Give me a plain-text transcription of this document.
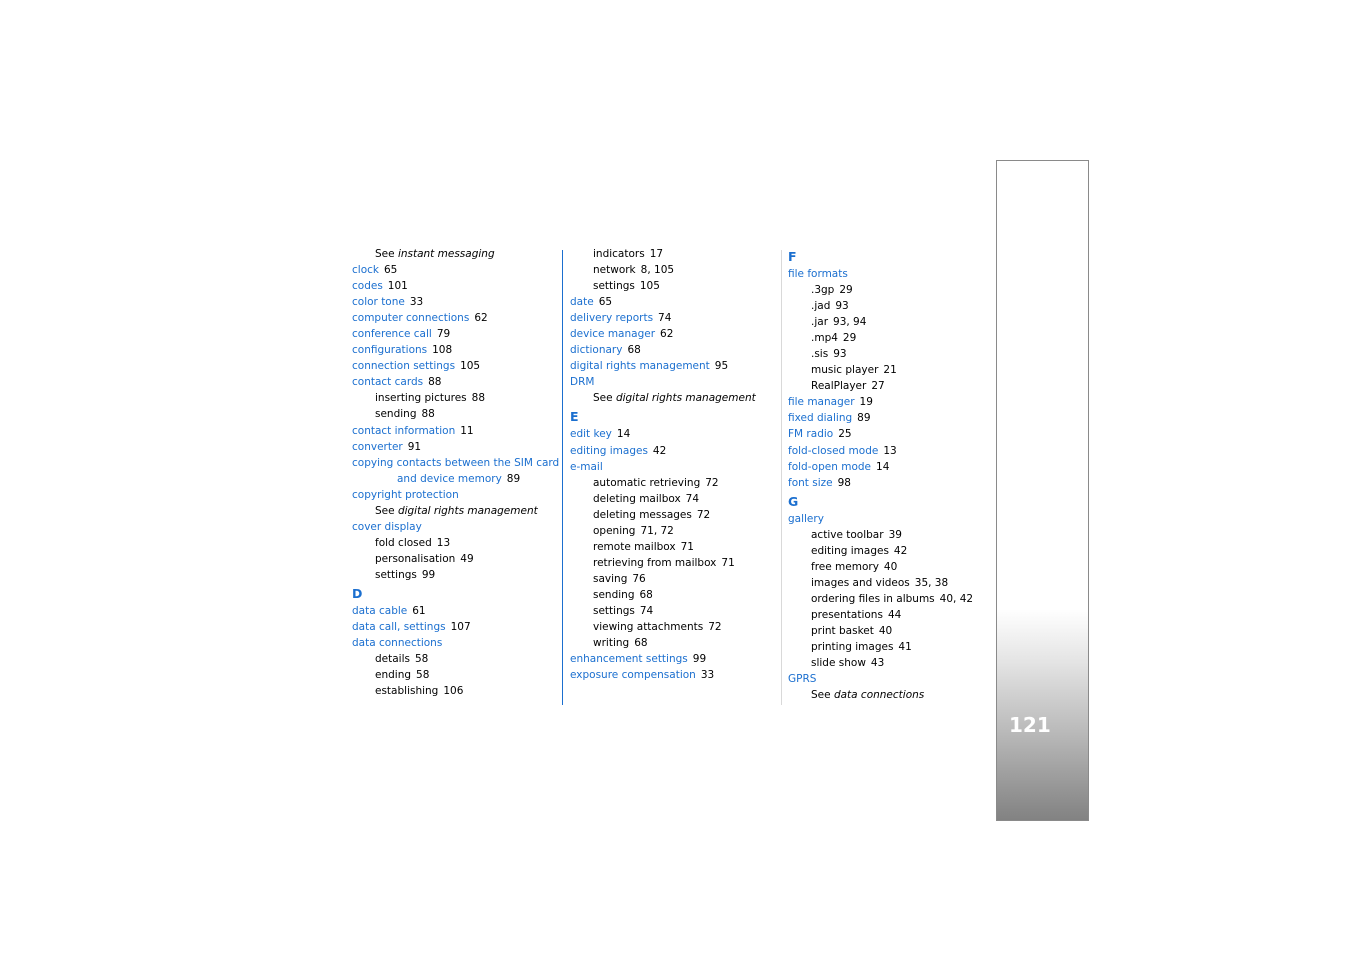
See instant messaging
clock 65
codes 101
color tone 33
computer connections 62
conference call 79
configurations 108
connection settings 105
contact cards 88
inserting pictures 88
sending 88
contact information 11
converter 91
copying contacts between the SIM card
and device memory 89
copyright protection
See digital rights management
cover display
fold closed 13
personalisation 49
settings 99
D
data cable 61
data call, settings 107
data connections
details 58
ending 58
establishing 106
indicators 17
network 8, 105
settings 105
date 65
delivery reports 74
device manager 62
dictionary 68
digital rights management 95
DRM
See digital rights management
E
edit key 14
editing images 42
e-mail
automatic retrieving 72
deleting mailbox 74
deleting messages 72
opening 71, 72
remote mailbox 71
retrieving from mailbox 71
saving 76
sending 68
settings 74
viewing attachments 72
writing 68
enhancement settings 99
exposure compensation 33
F
file formats
.3gp 29
.jad 93
.jar 93, 94
.mp4 29
.sis 93
music player 21
RealPlayer 27
file manager 19
fixed dialing 89
FM radio 25
fold-closed mode 13
fold-open mode 14
font size 98
G
gallery
active toolbar 39
editing images 42
free memory 40
images and videos 35, 38
ordering files in albums 40, 42
presentations 44
print basket 40
printing images 41
slide show 43
GPRS
See data connections
121
